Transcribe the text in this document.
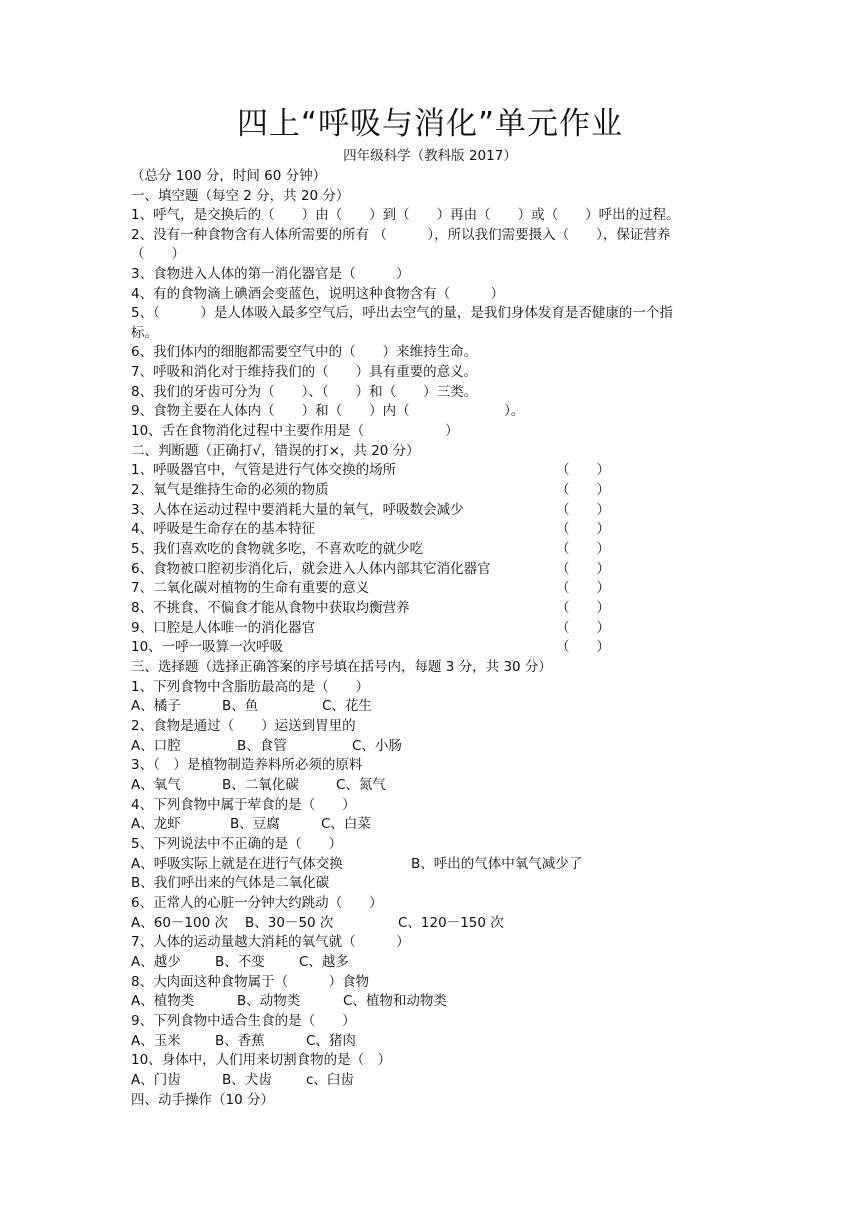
四上“呼吸与消化”单元作业
四年级科学（教科版 2017）
（总分 100 分，时间 60 分钟）
一、填空题（每空 2 分，共 20 分）
1、呼气，是交换后的（　　）由（　　）到（　　）再由（　　）或（　　）呼出的过程。
2、没有一种食物含有人体所需要的所有 （　　　），所以我们需要摄入（　　），保证营养
（　　）
3、食物进入人体的第一消化器官是（　　　）
4、有的食物滴上碘酒会变蓝色，说明这种食物含有（　　　）
5、（　　　）是人体吸入最多空气后，呼出去空气的量，是我们身体发育是否健康的一个指
标。
6、我们体内的细胞都需要空气中的（　　）来维持生命。
7、呼吸和消化对于维持我们的（　　）具有重要的意义。
8、我们的牙齿可分为（　　）、（　　）和（　　）三类。
9、食物主要在人体内（　　）和（　　）内（　　　　　　　）。
10、舌在食物消化过程中主要作用是（　　　　　　）
二、判断题（正确打√，错误的打×，共 20 分）
1、呼吸器官中，气管是进行气体交换的场所	（　　）
2、氧气是维持生命的必须的物质	（　　）
3、人体在运动过程中要消耗大量的氧气，呼吸数会减少	（　　）
4、呼吸是生命存在的基本特征	（　　）
5、我们喜欢吃的食物就多吃，不喜欢吃的就少吃	（　　）
6、食物被口腔初步消化后，就会进入人体内部其它消化器官	（　　）
7、二氧化碳对植物的生命有重要的意义	（　　）
8、不挑食、不偏食才能从食物中获取均衡营养	（　　）
9、口腔是人体唯一的消化器官	（　　）
10、一呼一吸算一次呼吸	（　　）
三、选择题（选择正确答案的序号填在括号内，每题 3 分，共 30 分）
1、下列食物中含脂肪最高的是（　　）
A、橘子	B、鱼	C、花生
2、食物是通过（　　）运送到胃里的
A、口腔	B、食管	C、小肠
3、（　）是植物制造养料所必须的原料
A、氧气	B、二氧化碳	C、氮气
4、下列食物中属于荤食的是（　　）
A、龙虾	B、豆腐	C、白菜
5、下列说法中不正确的是（　　）
A、呼吸实际上就是在进行气体交换	B、呼出的气体中氧气减少了
B、我们呼出来的气体是二氧化碳
6、正常人的心脏一分钟大约跳动（　　）
A、60－100 次 B、30－50 次	C、120－150 次
7、人体的运动量越大消耗的氧气就（　　　）
A、越少	B、不变	C、越多
8、大肉面这种食物属于（　　　）食物
A、植物类	B、动物类	C、植物和动物类
9、下列食物中适合生食的是（　　）
A、玉米	B、香蕉	C、猪肉
10、身体中，人们用来切割食物的是（　）
A、门齿	B、犬齿	c、臼齿
四、动手操作（10 分）
